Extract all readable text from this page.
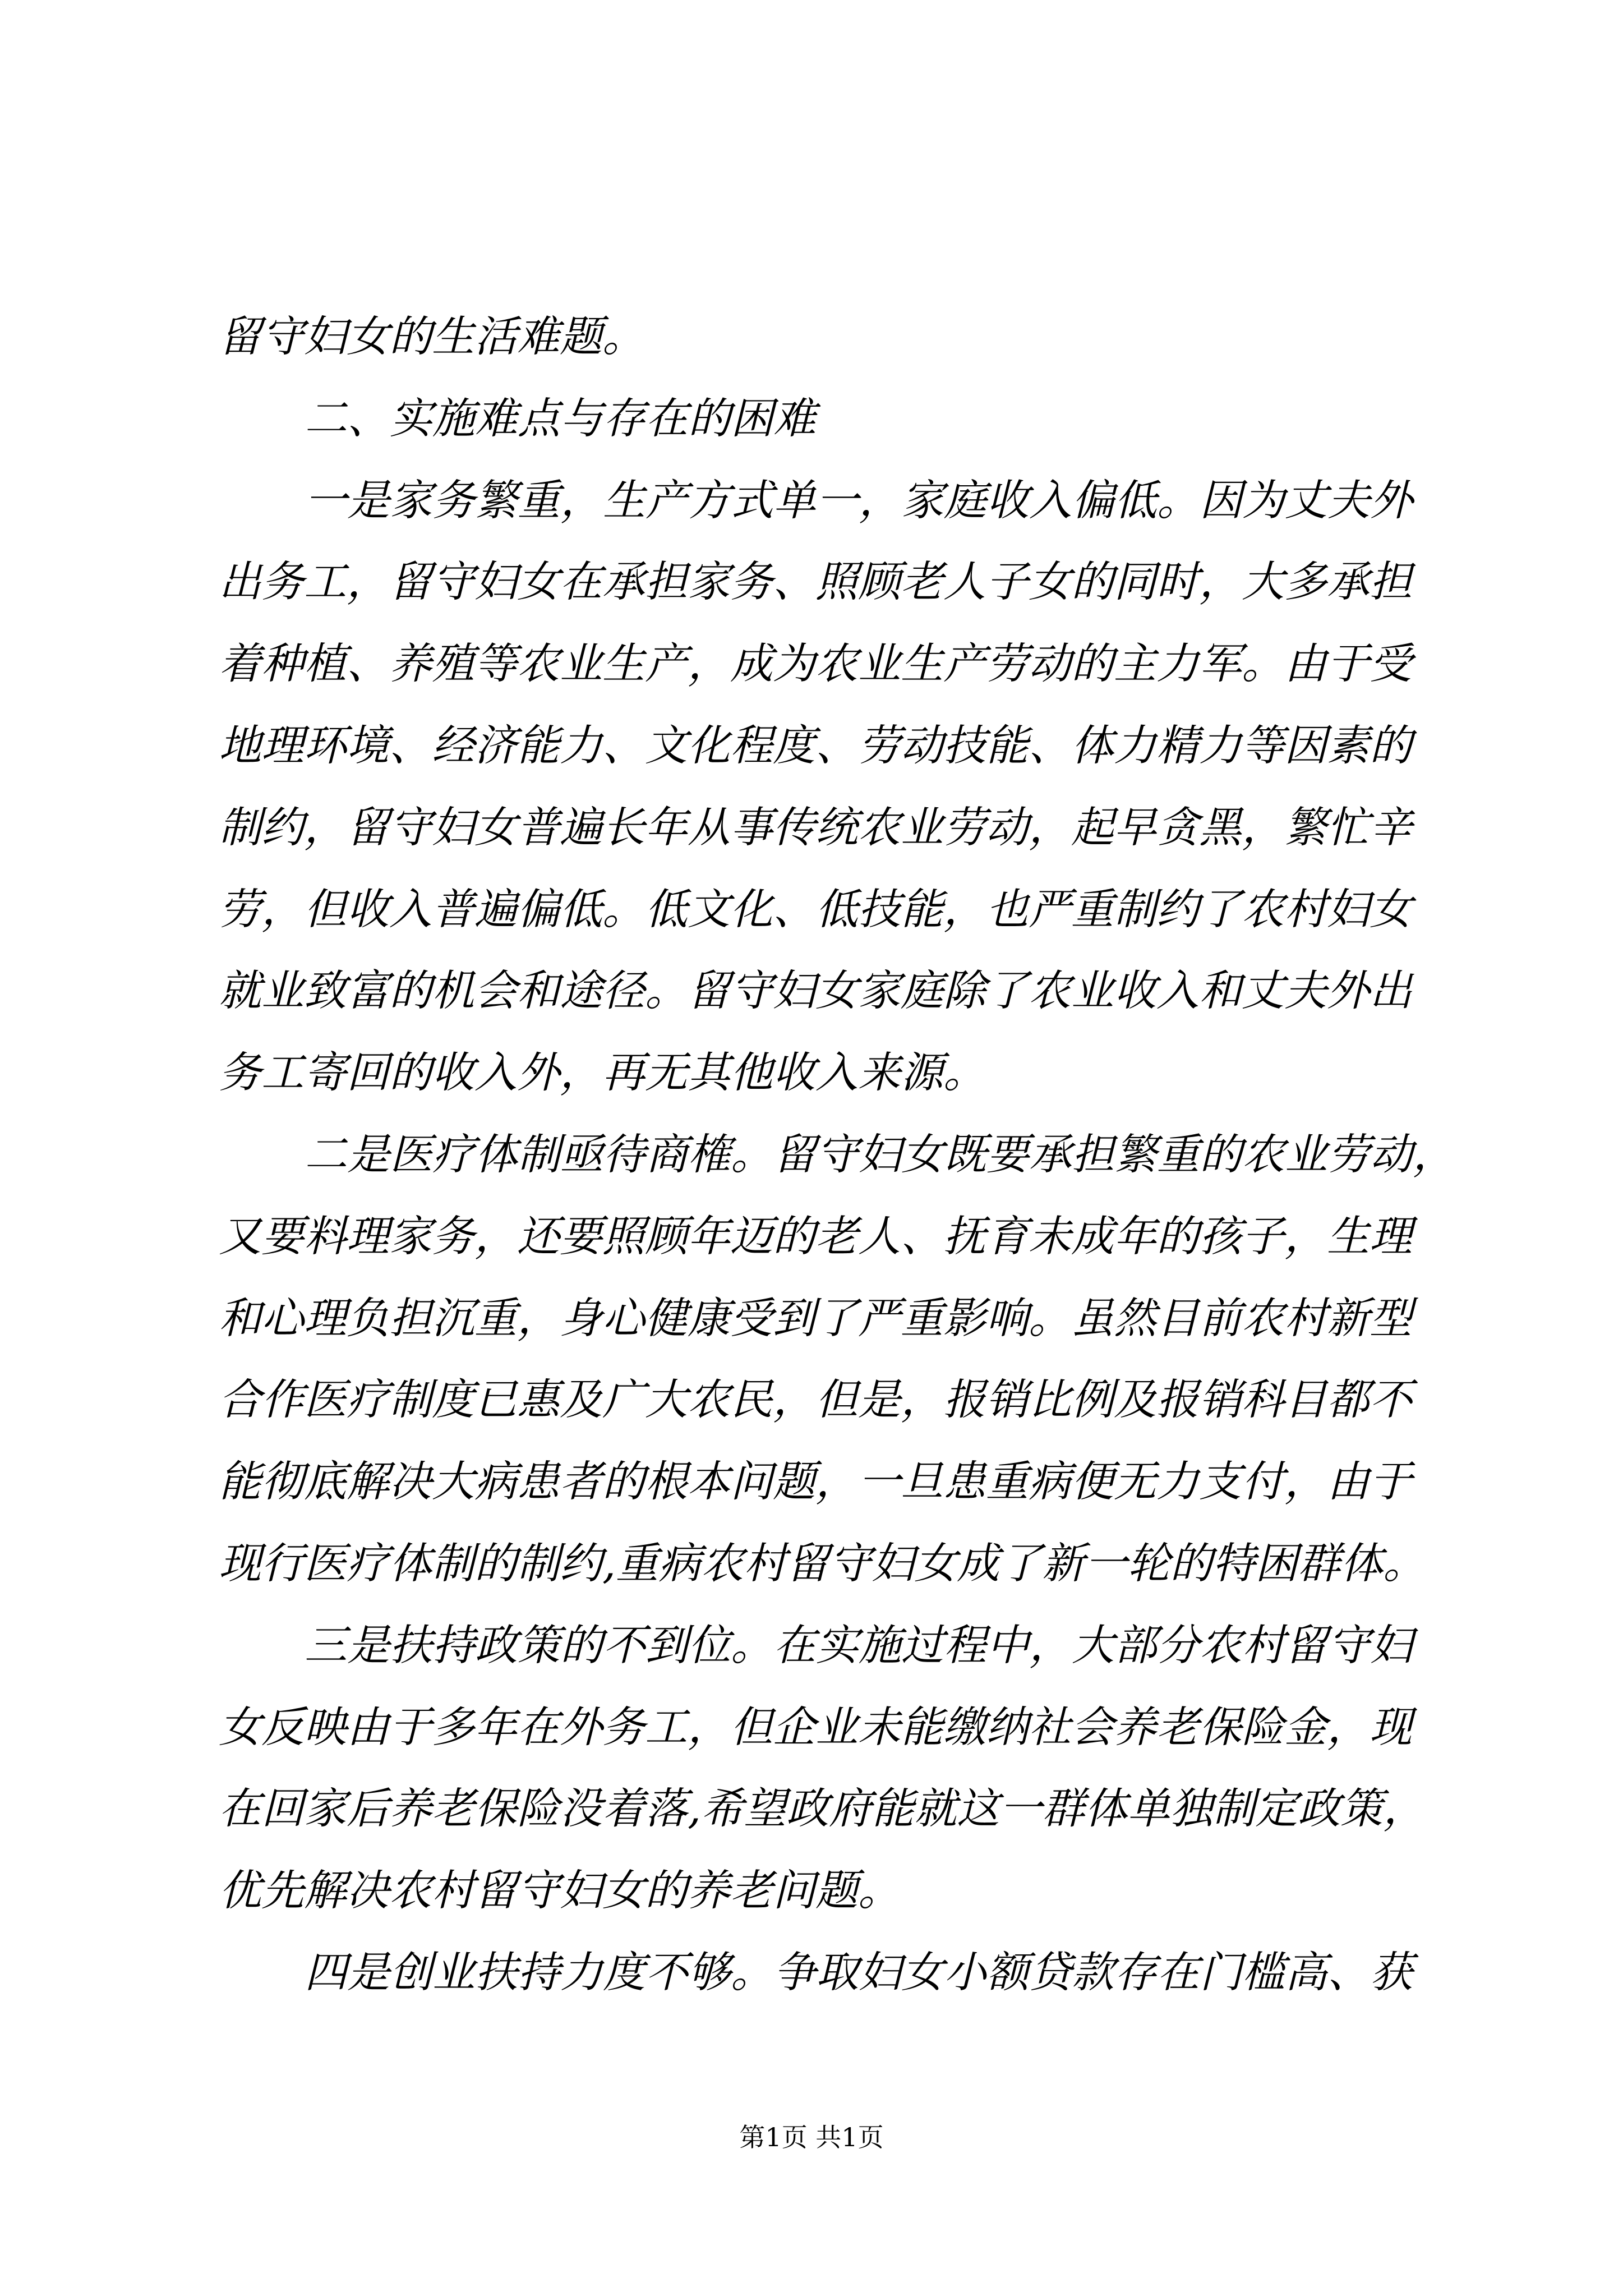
留守妇女的生活难题。
二、实施难点与存在的困难
一是家务繁重，生产方式单一，家庭收入偏低。因为丈夫外
出务工，留守妇女在承担家务、照顾老人子女的同时，大多承担
着种植、养殖等农业生产，成为农业生产劳动的主力军。由于受
地理环境、经济能力、文化程度、劳动技能、体力精力等因素的
制约，留守妇女普遍长年从事传统农业劳动，起早贪黑，繁忙辛
劳，但收入普遍偏低。低文化、低技能，也严重制约了农村妇女
就业致富的机会和途径。留守妇女家庭除了农业收入和丈夫外出
务工寄回的收入外，再无其他收入来源。
二是医疗体制亟待商榷。留守妇女既要承担繁重的农业劳动，
又要料理家务，还要照顾年迈的老人、抚育未成年的孩子，生理
和心理负担沉重，身心健康受到了严重影响。虽然目前农村新型
合作医疗制度已惠及广大农民，但是，报销比例及报销科目都不
能彻底解决大病患者的根本问题，一旦患重病便无力支付，由于
现行医疗体制的制约,重病农村留守妇女成了新一轮的特困群体。
三是扶持政策的不到位。在实施过程中，大部分农村留守妇
女反映由于多年在外务工，但企业未能缴纳社会养老保险金，现
在回家后养老保险没着落,希望政府能就这一群体单独制定政策，
优先解决农村留守妇女的养老问题。
四是创业扶持力度不够。争取妇女小额贷款存在门槛高、获
第1页 共1页
